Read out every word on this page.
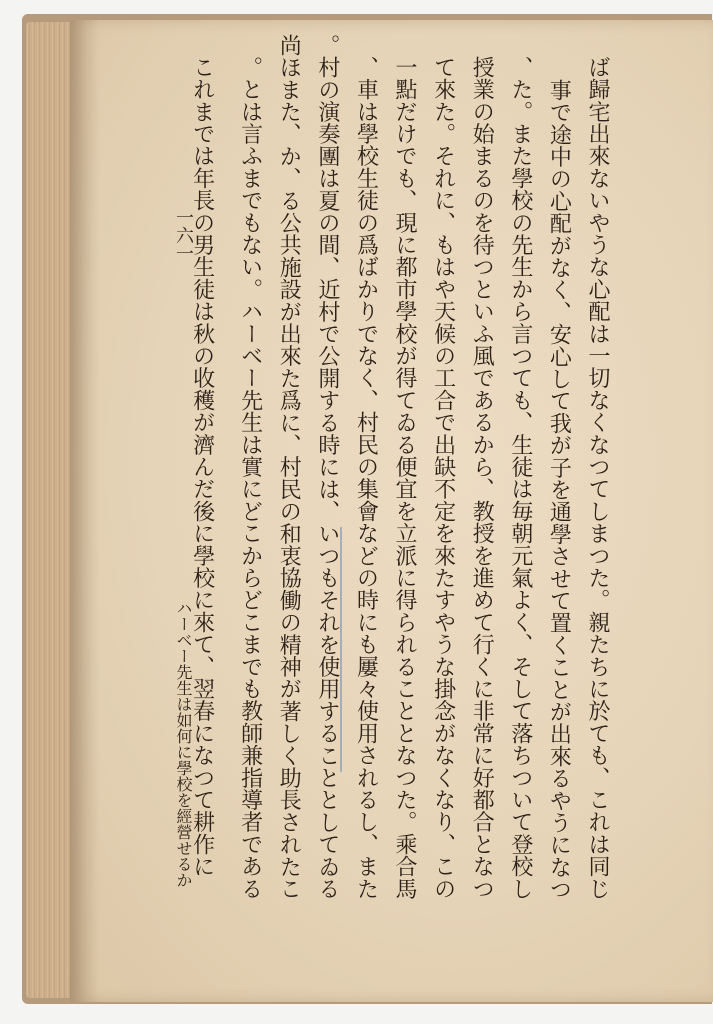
ば歸宅出來ないやうな心配は一切なくなつてしまつた。親たちに於ても、これは同じ
事で途中の心配がなく、安心して我が子を通學させて置くことが出來るやうになつ
た。また學校の先生から言つても、生徒は毎朝元氣よく、そして落ちついて登校し、
授業の始まるのを待つといふ風であるから、教授を進めて行くに非常に好都合となつ
て來た。それに、もはや天候の工合で出缺不定を來たすやうな掛念がなくなり、この
一點だけでも、現に都市學校が得てゐる便宜を立派に得られることとなつた。乘合馬
車は學校生徒の爲ばかりでなく、村民の集會などの時にも屢々使用されるし、また、
村の演奏團は夏の間、近村で公開する時には、いつもそれを使用することとしてゐる。
尚ほまた、か、る公共施設が出來た爲に、村民の和衷協働の精神が著しく助長されたこ
とは言ふまでもない。ハーベー先生は實にどこからどこまでも教師兼指導者である。
　これまでは年長の男生徒は秋の收穫が濟んだ後に學校に來て、翌春になつて耕作に
一六一
ハーベー先生は如何に學校を經營せるか
